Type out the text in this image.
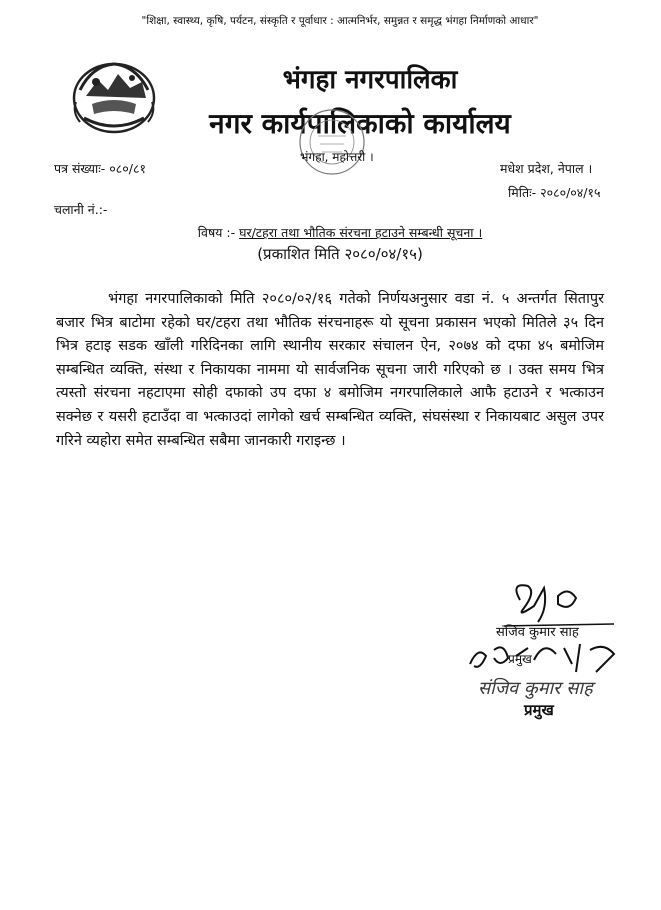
"शिक्षा, स्वास्थ्य, कृषि, पर्यटन, संस्कृति र पूर्वाधार : आत्मनिर्भर, समुन्नत र समृद्ध भंगहा निर्माणको आधार"
भंगहा नगरपालिका
नगर कार्यपालिकाको कार्यालय
भंगहा, महोत्तरी ।
पत्र संख्याः- ०८०/८१	मधेश प्रदेश, नेपाल ।
मितिः- २०८०/०४/१५
चलानी नं.:-
विषय :- घर/टहरा तथा भौतिक संरचना हटाउने सम्बन्धी सूचना ।
(प्रकाशित मिति २०८०/०४/१५)
भंगहा नगरपालिकाको मिति २०८०/०२/१६ गतेको निर्णयअनुसार वडा नं. ५ अन्तर्गत सितापुर बजार भित्र बाटोमा रहेको घर/टहरा तथा भौतिक संरचनाहरू यो सूचना प्रकासन भएको मितिले ३५ दिन भित्र हटाइ सडक खाँली गरिदिनका लागि स्थानीय सरकार संचालन ऐन, २०७४ को दफा ४५ बमोजिम सम्बन्धित व्यक्ति, संस्था र निकायका नाममा यो सार्वजनिक सूचना जारी गरिएको छ । उक्त समय भित्र त्यस्तो संरचना नहटाएमा सोही दफाको उप दफा ४ बमोजिम नगरपालिकाले आफै हटाउने र भत्काउन सक्नेछ र यसरी हटाउँदा वा भत्काउदां लागेको खर्च सम्बन्धित व्यक्ति, संघसंस्था र निकायबाट असुल उपर गरिने व्यहोरा समेत सम्बन्धित सबैमा जानकारी गराइन्छ ।
संजिव कुमार साह
प्रमुख
संजिव कुमार साह
प्रमुख
